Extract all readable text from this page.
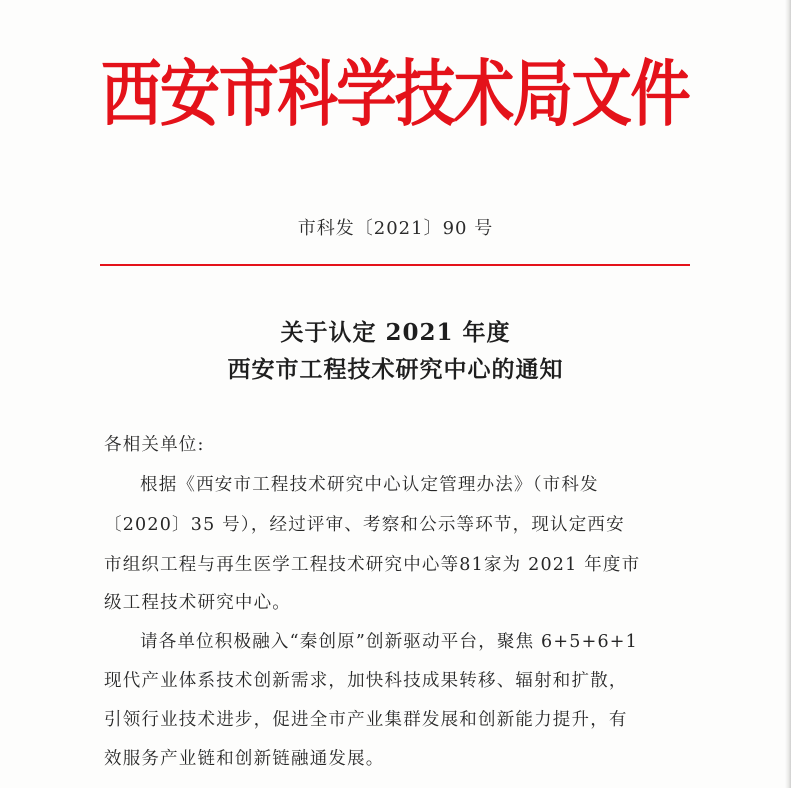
西安市科学技术局文件
市科发〔2021〕90 号
关于认定 2021 年度
西安市工程技术研究中心的通知
各相关单位:
根据《西安市工程技术研究中心认定管理办法》（市科发
〔2020〕35 号），经过评审、考察和公示等环节，现认定西安
市组织工程与再生医学工程技术研究中心等81家为 2021 年度市
级工程技术研究中心。
请各单位积极融入“秦创原”创新驱动平台，聚焦 6+5+6+1
现代产业体系技术创新需求，加快科技成果转移、辐射和扩散，
引领行业技术进步，促进全市产业集群发展和创新能力提升，有
效服务产业链和创新链融通发展。
